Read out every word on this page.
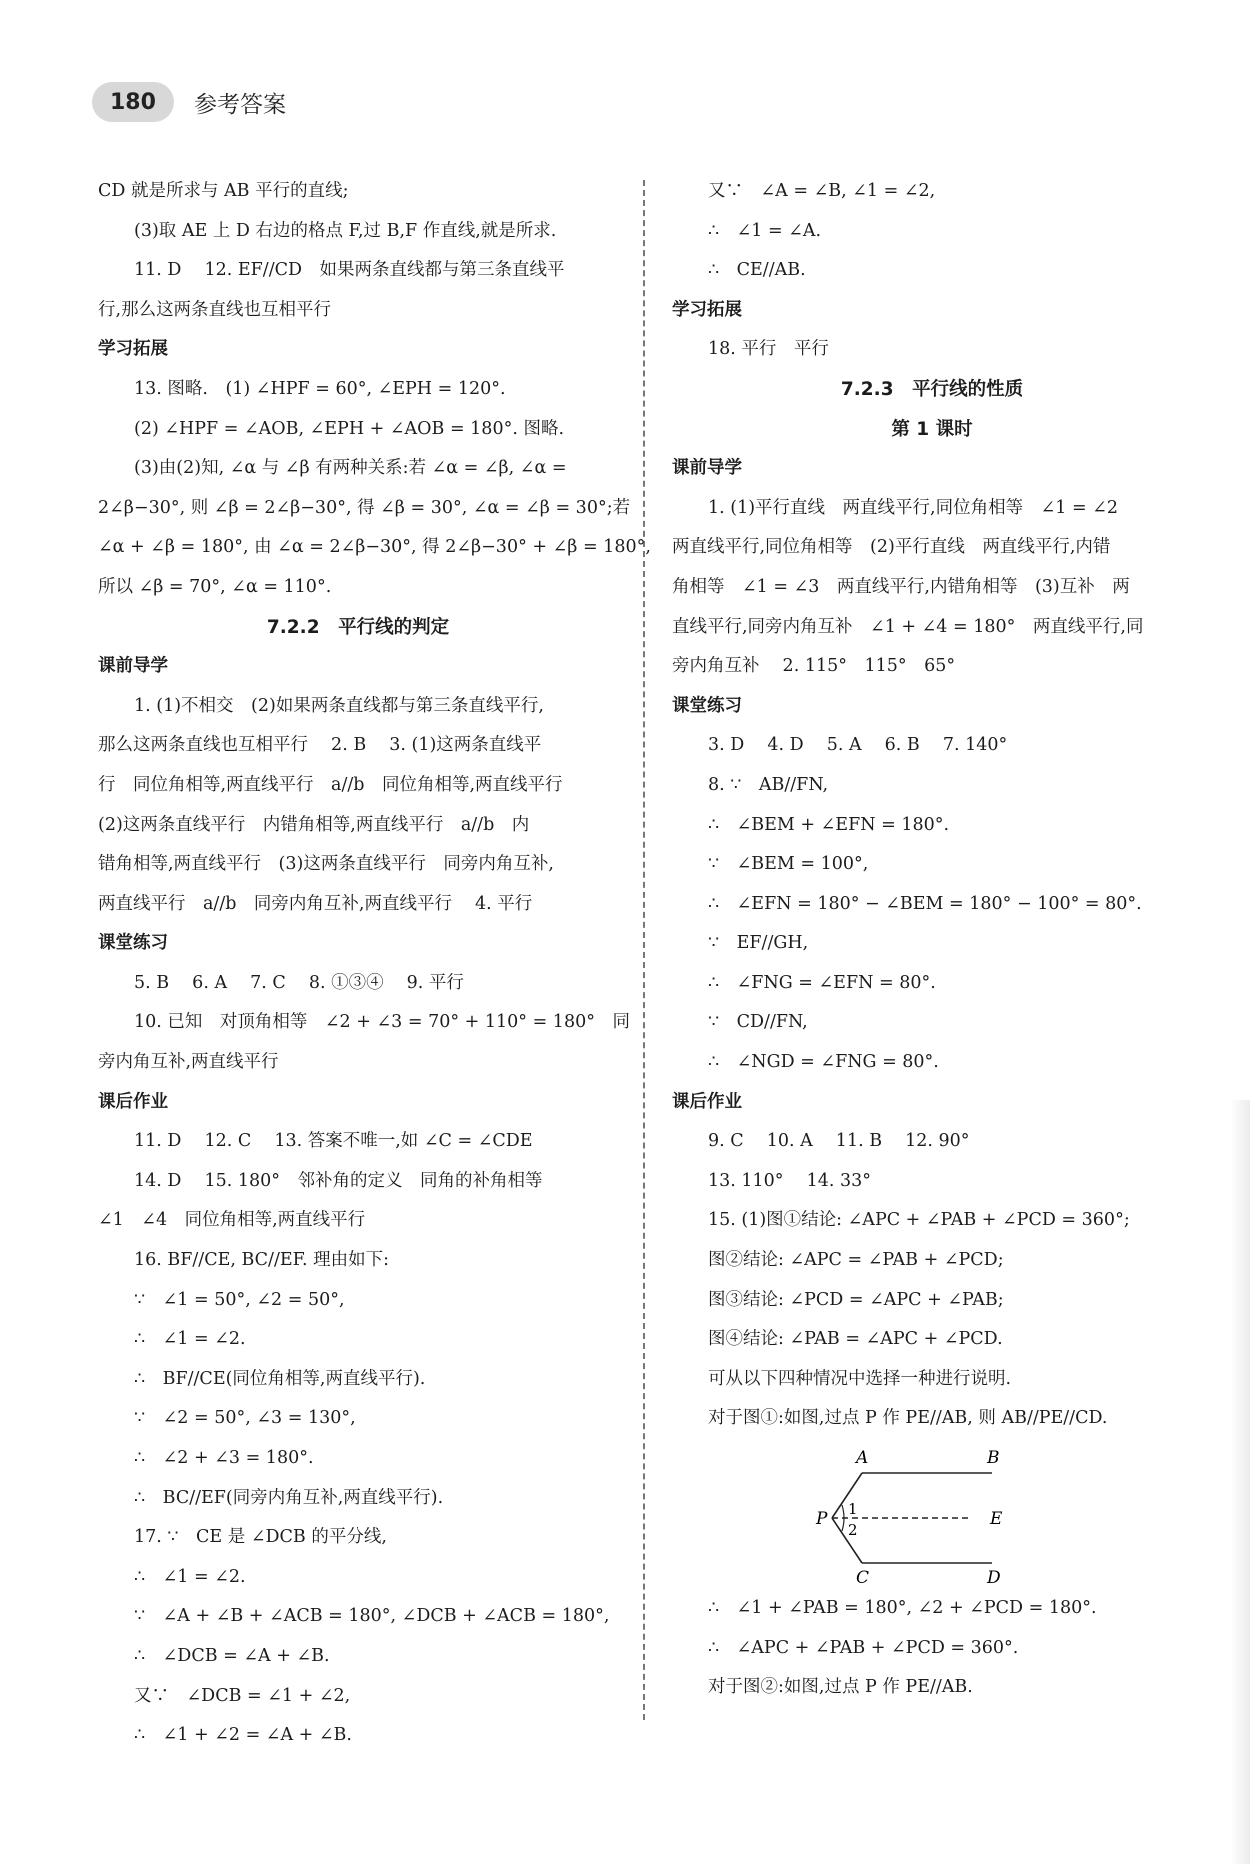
180	参考答案
CD 就是所求与 AB 平行的直线;
(3)取 AE 上 D 右边的格点 F,过 B,F 作直线,就是所求.
11. D　 12. EF//CD　如果两条直线都与第三条直线平
行,那么这两条直线也互相平行
学习拓展
13. 图略.　(1) ∠HPF = 60°, ∠EPH = 120°.
(2) ∠HPF = ∠AOB, ∠EPH + ∠AOB = 180°. 图略.
(3)由(2)知, ∠α 与 ∠β 有两种关系:若 ∠α = ∠β, ∠α =
2∠β−30°, 则 ∠β = 2∠β−30°, 得 ∠β = 30°, ∠α = ∠β = 30°;若
∠α + ∠β = 180°, 由 ∠α = 2∠β−30°, 得 2∠β−30° + ∠β = 180°,
所以 ∠β = 70°, ∠α = 110°.
7.2.2　平行线的判定
课前导学
1. (1)不相交　(2)如果两条直线都与第三条直线平行,
那么这两条直线也互相平行　 2. B　 3. (1)这两条直线平
行　同位角相等,两直线平行　a//b　同位角相等,两直线平行
(2)这两条直线平行　内错角相等,两直线平行　a//b　内
错角相等,两直线平行　(3)这两条直线平行　同旁内角互补,
两直线平行　a//b　同旁内角互补,两直线平行　 4. 平行
课堂练习
5. B　 6. A　 7. C　 8. ①③④　 9. 平行
10. 已知　对顶角相等　∠2 + ∠3 = 70° + 110° = 180°　同
旁内角互补,两直线平行
课后作业
11. D　 12. C　 13. 答案不唯一,如 ∠C = ∠CDE
14. D　 15. 180°　邻补角的定义　同角的补角相等
∠1　∠4　同位角相等,两直线平行
16. BF//CE, BC//EF. 理由如下:
∵　∠1 = 50°, ∠2 = 50°,
∴　∠1 = ∠2.
∴　BF//CE(同位角相等,两直线平行).
∵　∠2 = 50°, ∠3 = 130°,
∴　∠2 + ∠3 = 180°.
∴　BC//EF(同旁内角互补,两直线平行).
17. ∵　CE 是 ∠DCB 的平分线,
∴　∠1 = ∠2.
∵　∠A + ∠B + ∠ACB = 180°, ∠DCB + ∠ACB = 180°,
∴　∠DCB = ∠A + ∠B.
又∵　∠DCB = ∠1 + ∠2,
∴　∠1 + ∠2 = ∠A + ∠B.
又∵　∠A = ∠B, ∠1 = ∠2,
∴　∠1 = ∠A.
∴　CE//AB.
学习拓展
18. 平行　平行
7.2.3　平行线的性质
第 1 课时
课前导学
1. (1)平行直线　两直线平行,同位角相等　∠1 = ∠2
两直线平行,同位角相等　(2)平行直线　两直线平行,内错
角相等　∠1 = ∠3　两直线平行,内错角相等　(3)互补　两
直线平行,同旁内角互补　∠1 + ∠4 = 180°　两直线平行,同
旁内角互补　 2. 115°　115°　65°
课堂练习
3. D　 4. D　 5. A　 6. B　 7. 140°
8. ∵　AB//FN,
∴　∠BEM + ∠EFN = 180°.
∵　∠BEM = 100°,
∴　∠EFN = 180° − ∠BEM = 180° − 100° = 80°.
∵　EF//GH,
∴　∠FNG = ∠EFN = 80°.
∵　CD//FN,
∴　∠NGD = ∠FNG = 80°.
课后作业
9. C　 10. A　 11. B　 12. 90°
13. 110°　 14. 33°
15. (1)图①结论: ∠APC + ∠PAB + ∠PCD = 360°;
图②结论: ∠APC = ∠PAB + ∠PCD;
图③结论: ∠PCD = ∠APC + ∠PAB;
图④结论: ∠PAB = ∠APC + ∠PCD.
可从以下四种情况中选择一种进行说明.
对于图①:如图,过点 P 作 PE//AB, 则 AB//PE//CD.
A	B
P	E
C	D
1
2
∴　∠1 + ∠PAB = 180°, ∠2 + ∠PCD = 180°.
∴　∠APC + ∠PAB + ∠PCD = 360°.
对于图②:如图,过点 P 作 PE//AB.
